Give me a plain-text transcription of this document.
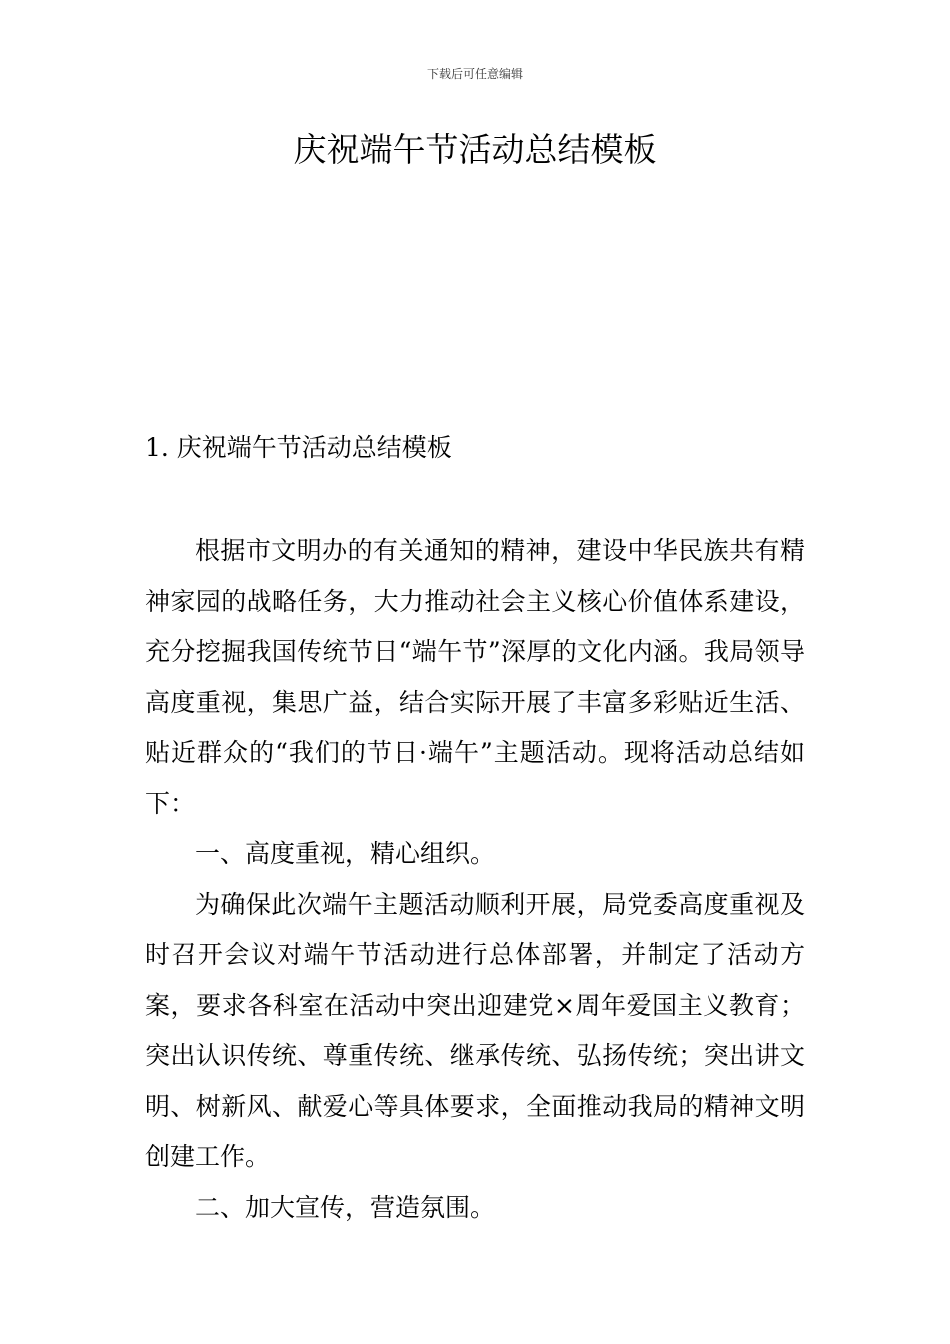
下载后可任意编辑
庆祝端午节活动总结模板
1. 庆祝端午节活动总结模板

根据市文明办的有关通知的精神，建设中华民族共有精神家园的战略任务，大力推动社会主义核心价值体系建设，充分挖掘我国传统节日“端午节”深厚的文化内涵。我局领导高度重视，集思广益，结合实际开展了丰富多彩贴近生活、贴近群众的“我们的节日·端午”主题活动。现将活动总结如下：

一、高度重视，精心组织。

为确保此次端午主题活动顺利开展，局党委高度重视及时召开会议对端午节活动进行总体部署，并制定了活动方案，要求各科室在活动中突出迎建党×周年爱国主义教育；突出认识传统、尊重传统、继承传统、弘扬传统；突出讲文明、树新风、献爱心等具体要求，全面推动我局的精神文明创建工作。

二、加大宣传，营造氛围。
